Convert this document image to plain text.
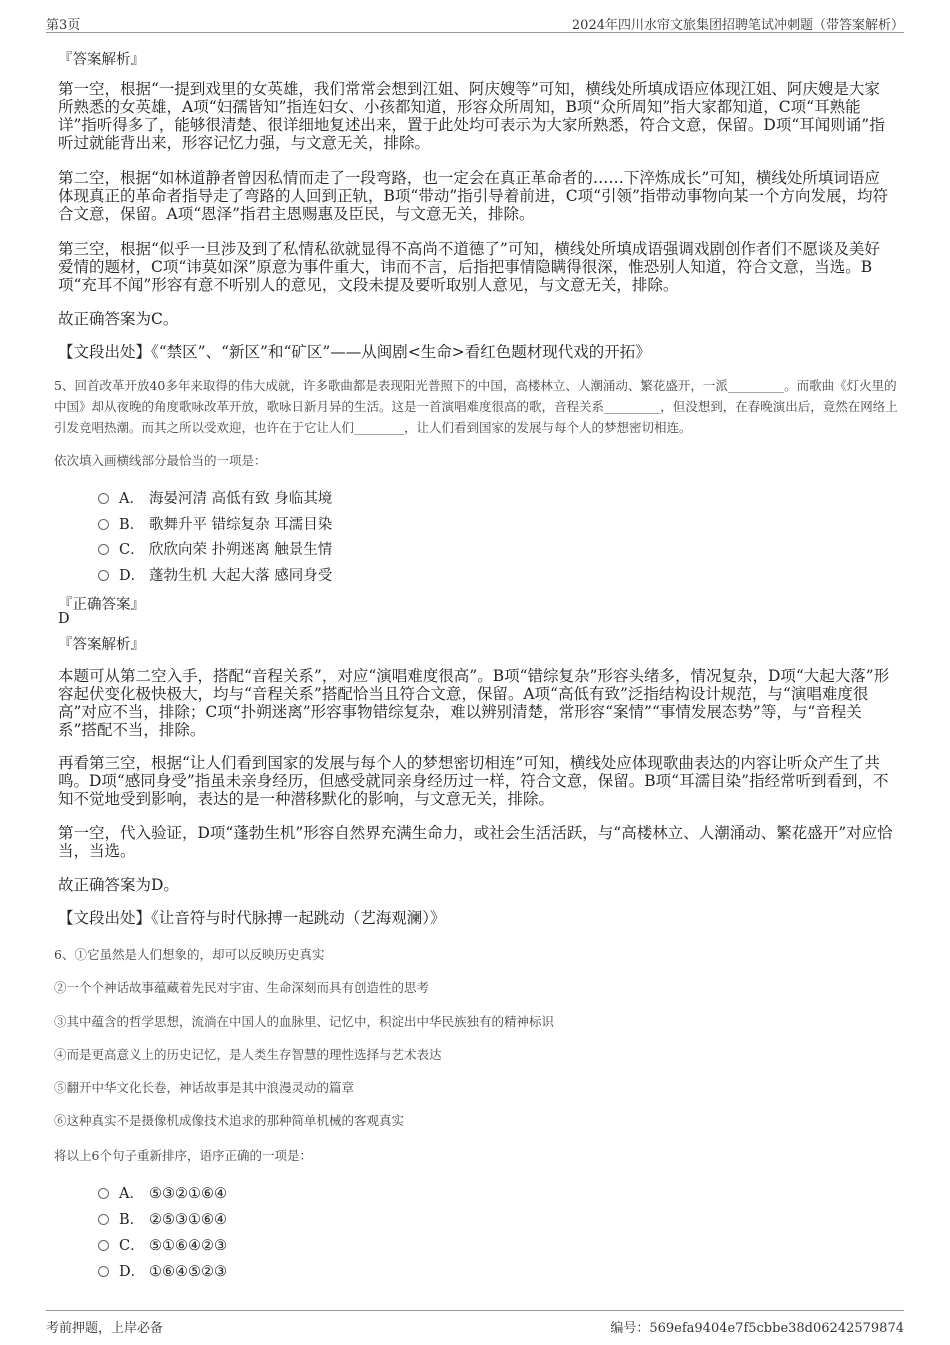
第3页	2024年四川水帘文旅集团招聘笔试冲刺题（带答案解析）
『答案解析』
第一空，根据“一提到戏里的女英雄，我们常常会想到江姐、阿庆嫂等”可知，横线处所填成语应体现江姐、阿庆嫂是大家所熟悉的女英雄，A项“妇孺皆知”指连妇女、小孩都知道，形容众所周知，B项“众所周知”指大家都知道，C项“耳熟能详”指听得多了，能够很清楚、很详细地复述出来，置于此处均可表示为大家所熟悉，符合文意，保留。D项“耳闻则诵”指听过就能背出来，形容记忆力强，与文意无关，排除。
第二空，根据“如林道静者曾因私情而走了一段弯路，也一定会在真正革命者的……下淬炼成长”可知，横线处所填词语应体现真正的革命者指导走了弯路的人回到正轨，B项“带动”指引导着前进，C项“引领”指带动事物向某一个方向发展，均符合文意，保留。A项“恩泽”指君主恩赐惠及臣民，与文意无关，排除。
第三空，根据“似乎一旦涉及到了私情私欲就显得不高尚不道德了”可知，横线处所填成语强调戏剧创作者们不愿谈及美好爱情的题材，C项“讳莫如深”原意为事件重大，讳而不言，后指把事情隐瞒得很深，惟恐别人知道，符合文意，当选。B项“充耳不闻”形容有意不听别人的意见，文段未提及要听取别人意见，与文意无关，排除。
故正确答案为C。
【文段出处】《“禁区”、“新区”和“矿区”——从闽剧<生命>看红色题材现代戏的开拓》
5、回首改革开放40多年来取得的伟大成就，许多歌曲都是表现阳光普照下的中国，高楼林立、人潮涌动、繁花盛开，一派_________。而歌曲《灯火里的中国》却从夜晚的角度歌咏改革开放，歌咏日新月异的生活。这是一首演唱难度很高的歌，音程关系_________，但没想到，在春晚演出后，竟然在网络上引发竞唱热潮。而其之所以受欢迎，也许在于它让人们________，让人们看到国家的发展与每个人的梦想密切相连。
依次填入画横线部分最恰当的一项是：
A． 海晏河清 高低有致 身临其境
B． 歌舞升平 错综复杂 耳濡目染
C． 欣欣向荣 扑朔迷离 触景生情
D． 蓬勃生机 大起大落 感同身受
『正确答案』
D
『答案解析』
本题可从第二空入手，搭配“音程关系”，对应“演唱难度很高”。B项“错综复杂”形容头绪多，情况复杂，D项“大起大落”形容起伏变化极快极大，均与“音程关系”搭配恰当且符合文意，保留。A项“高低有致”泛指结构设计规范，与“演唱难度很高”对应不当，排除；C项“扑朔迷离”形容事物错综复杂，难以辨别清楚，常形容“案情”“事情发展态势”等，与“音程关系”搭配不当，排除。
再看第三空，根据“让人们看到国家的发展与每个人的梦想密切相连”可知，横线处应体现歌曲表达的内容让听众产生了共鸣。D项“感同身受”指虽未亲身经历，但感受就同亲身经历过一样，符合文意，保留。B项“耳濡目染”指经常听到看到，不知不觉地受到影响，表达的是一种潜移默化的影响，与文意无关，排除。
第一空，代入验证，D项“蓬勃生机”形容自然界充满生命力，或社会生活活跃，与“高楼林立、人潮涌动、繁花盛开”对应恰当，当选。
故正确答案为D。
【文段出处】《让音符与时代脉搏一起跳动（艺海观澜）》
6、①它虽然是人们想象的，却可以反映历史真实
②一个个神话故事蕴藏着先民对宇宙、生命深刻而具有创造性的思考
③其中蕴含的哲学思想，流淌在中国人的血脉里、记忆中，积淀出中华民族独有的精神标识
④而是更高意义上的历史记忆，是人类生存智慧的理性选择与艺术表达
⑤翻开中华文化长卷，神话故事是其中浪漫灵动的篇章
⑥这种真实不是摄像机成像技术追求的那种简单机械的客观真实
将以上6个句子重新排序，语序正确的一项是：
A． ⑤③②①⑥④
B． ②⑤③①⑥④
C． ⑤①⑥④②③
D． ①⑥④⑤②③
考前押题，上岸必备	编号：569efa9404e7f5cbbe38d06242579874
